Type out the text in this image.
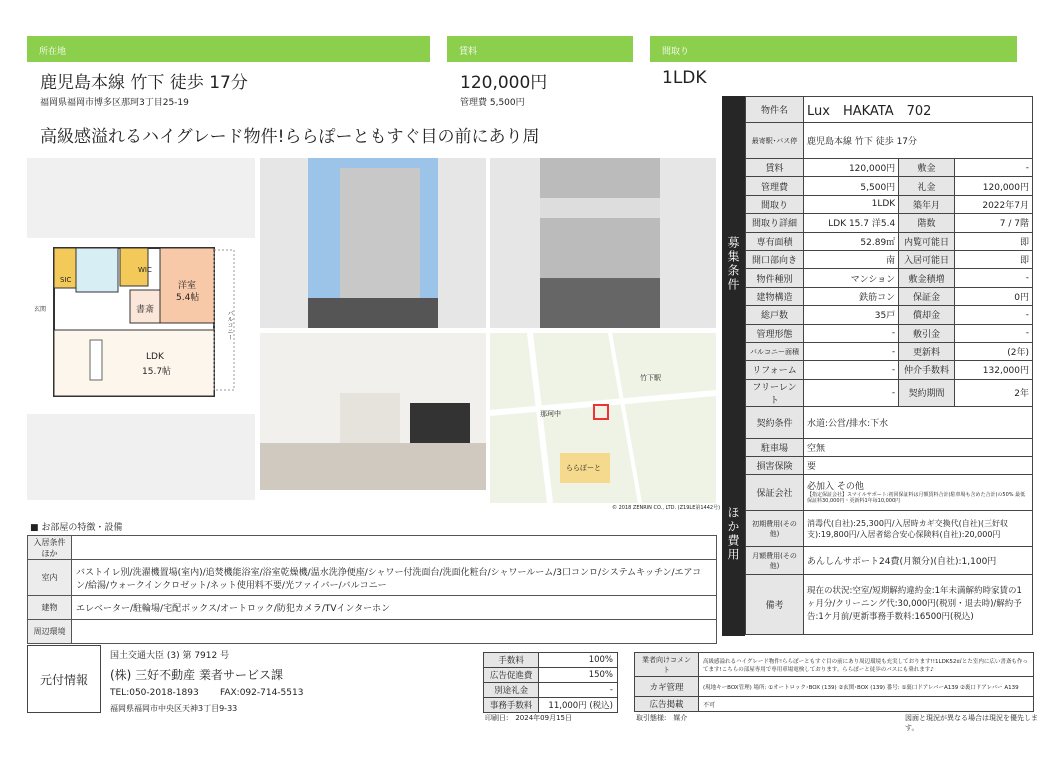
所在地	賃料	間取り
鹿児島本線 竹下 徒歩 17分
福岡県福岡市博多区那珂3丁目25-19
120,000円
管理費 5,500円
1LDK
高級感溢れるハイグレード物件!ららぽーともすぐ目の前にあり周
SIC
WIC
洋室
5.4帖
書斎
LDK
15.7帖
玄関
バルコニー
ららぽーと
那珂中
竹下駅
© 2018 ZENRIN CO., LTD. (Z19LE第1442号)
募集条件
ほか費用
物件名	Lux　HAKATA　702		
最寄駅･バス停	鹿児島本線 竹下 徒歩 17分		
賃料	120,000円	敷金	-
管理費	5,500円	礼金	120,000円
間取り	1LDK	築年月	2022年7月
間取り詳細	LDK 15.7 洋5.4	階数	7 / 7階
専有面積	52.89㎡	内覧可能日	即
開口部向き	南	入居可能日	即
物件種別	マンション	敷金積増	-
建物構造	鉄筋コン	保証金	0円
総戸数	35戸	償却金	-
管理形態	-	敷引金	-
バルコニー面積	-	更新料	(2年)
リフォーム	-	仲介手数料	132,000円
フリーレント	-	契約期間	2年
契約条件	水道:公営/排水:下水		
駐車場	空無		
損害保険	要		
保証会社	必加入 その他
【指定保証会社】スマイルサポート:初回保証料は月額賃料合計(駐車場も含めた合計)の50% 最低保証料30,000円・更新料1年毎10,000円		

初期費用(その他)	消毒代(自社):25,300円/入居時カギ交換代(自社)(三好収支):19,800円/入居者総合安心保険料(自社):20,000円		
月額費用(その他)	あんしんサポート24費(月額分)(自社):1,100円		
備考	現在の状況:空室/短期解約違約金:1年未満解約時家賃の1ヶ月分/クリーニング代:30,000円(税別・退去時)/解約予告:1ケ月前/更新事務手数料:16500円(税込)		
■ お部屋の特徴・設備
入居条件ほか	
室内	バストイレ別/洗濯機置場(室内)/追焚機能浴室/浴室乾燥機/温水洗浄便座/シャワー付洗面台/洗面化粧台/シャワールーム/3口コンロ/システムキッチン/エアコン/給湯/ウォークインクロゼット/ネット使用料不要/光ファイバー/バルコニー
建物	エレベーター/駐輪場/宅配ボックス/オートロック/防犯カメラ/TVインターホン
周辺環境	
元付情報
国土交通大臣 (3) 第 7912 号
(株) 三好不動産 業者サービス課
TEL:050-2018-1893 FAX:092-714-5513
福岡県福岡市中央区天神3丁目9-33
手数料	100%
広告促進費	150%
別途礼金	-
事務手数料	11,000円 (税込)
印刷日:　2024年09月15日
業者向けコメント	高級感溢れるハイグレード物件!ららぽーともすぐ目の前にあり周辺環境も充実しております!!1LDK52㎡とた室内に広い書斎も作ってます!こちらの部屋専用で専用車場電検しております。ららぽーと徒歩のバスにも乗れます♪
カギ管理	(現地キーBOX管理) 場所: ①オートロック･BOX (139) ②玄関･BOX (139) 番号: ①裏口ドアレバーA139 ②裏口ドアレバー A139
広告掲載	不可
取引態様:　媒介	図面と現況が異なる場合は現況を優先します。
